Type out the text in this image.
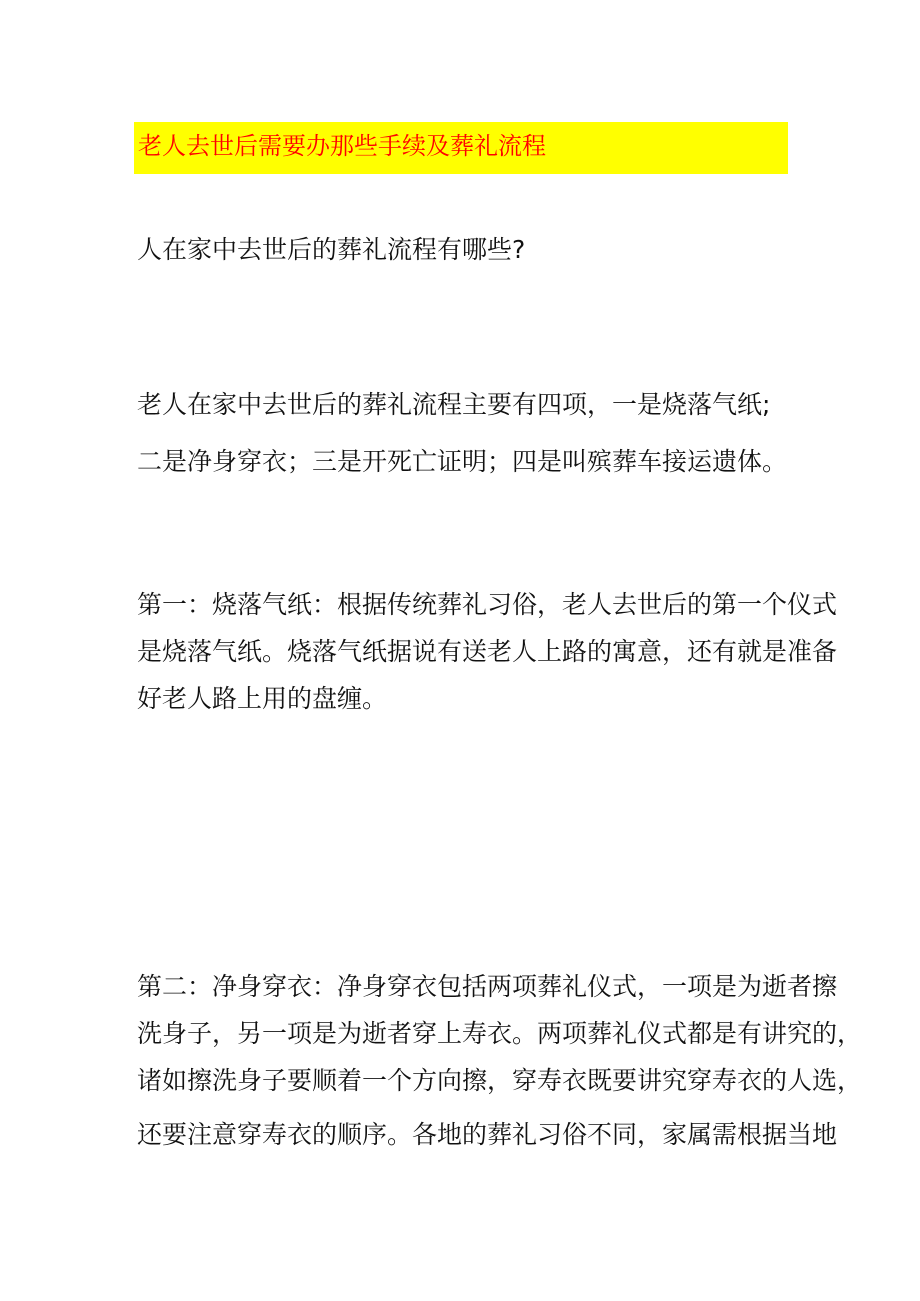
老人去世后需要办那些手续及葬礼流程
人在家中去世后的葬礼流程有哪些?
老人在家中去世后的葬礼流程主要有四项，一是烧落气纸;
二是净身穿衣；三是开死亡证明；四是叫殡葬车接运遗体。
第一：烧落气纸：根据传统葬礼习俗，老人去世后的第一个仪式
是烧落气纸。烧落气纸据说有送老人上路的寓意，还有就是准备
好老人路上用的盘缠。
第二：净身穿衣：净身穿衣包括两项葬礼仪式，一项是为逝者擦
洗身子，另一项是为逝者穿上寿衣。两项葬礼仪式都是有讲究的，
诸如擦洗身子要顺着一个方向擦，穿寿衣既要讲究穿寿衣的人选，
还要注意穿寿衣的顺序。各地的葬礼习俗不同，家属需根据当地
